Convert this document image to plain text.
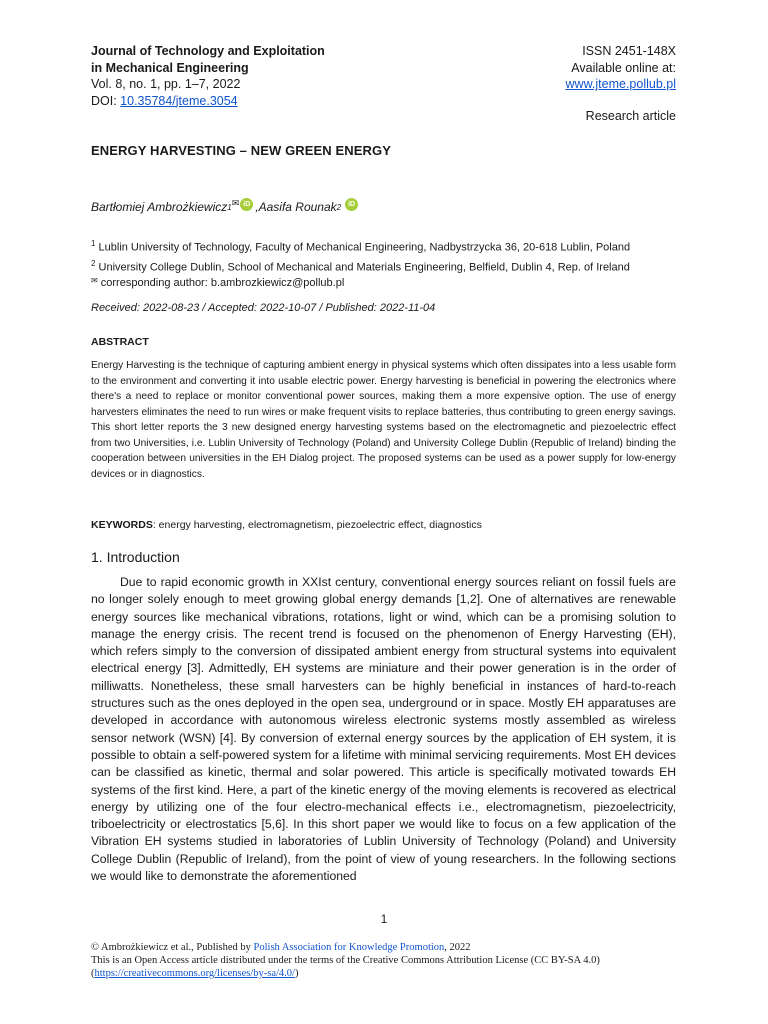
Journal of Technology and Exploitation
in Mechanical Engineering
Vol. 8, no. 1, pp. 1–7, 2022
DOI: 10.35784/jteme.3054
ISSN 2451-148X
Available online at:
www.jteme.pollub.pl
Research article
ENERGY HARVESTING – NEW GREEN ENERGY
Bartłomiej Ambrożkiewicz 1 ✉ iD , Aasifa Rounak 2	iD
$^1$ Lublin University of Technology, Faculty of Mechanical Engineering, Nadbystrzycka 36, 20-618 Lublin, Poland
$^2$ University College Dublin, School of Mechanical and Materials Engineering, Belfield, Dublin 4, Rep. of Ireland
✉ corresponding author: b.ambrozkiewicz@pollub.pl
Received: 2022-08-23 / Accepted: 2022-10-07 / Published: 2022-11-04
ABSTRACT
Energy Harvesting is the technique of capturing ambient energy in physical systems which often dissipates into a less usable form to the environment and converting it into usable electric power. Energy harvesting is beneficial in powering the electronics where there's a need to replace or monitor conventional power sources, making them a more expensive option. The use of energy harvesters eliminates the need to run wires or make frequent visits to replace batteries, thus contributing to green energy savings. This short letter reports the 3 new designed energy harvesting systems based on the electromagnetic and piezoelectric effect from two Universities, i.e. Lublin University of Technology (Poland) and University College Dublin (Republic of Ireland) binding the cooperation between universities in the EH Dialog project. The proposed systems can be used as a power supply for low-energy devices or in diagnostics.
KEYWORDS: energy harvesting, electromagnetism, piezoelectric effect, diagnostics
1. Introduction
Due to rapid economic growth in XXIst century, conventional energy sources reliant on fossil fuels are no longer solely enough to meet growing global energy demands [1,2]. One of alternatives are renewable energy sources like mechanical vibrations, rotations, light or wind, which can be a promising solution to manage the energy crisis. The recent trend is focused on the phenomenon of Energy Harvesting (EH), which refers simply to the conversion of dissipated ambient energy from structural systems into equivalent electrical energy [3]. Admittedly, EH systems are miniature and their power generation is in the order of milliwatts. Nonetheless, these small harvesters can be highly beneficial in instances of hard-to-reach structures such as the ones deployed in the open sea, underground or in space. Mostly EH apparatuses are developed in accordance with autonomous wireless electronic systems mostly assembled as wireless sensor network (WSN) [4]. By conversion of external energy sources by the application of EH system, it is possible to obtain a self-powered system for a lifetime with minimal servicing requirements. Most EH devices can be classified as kinetic, thermal and solar powered. This article is specifically motivated towards EH systems of the first kind. Here, a part of the kinetic energy of the moving elements is recovered as electrical energy by utilizing one of the four electro-mechanical effects i.e., electromagnetism, piezoelectricity, triboelectricity or electrostatics [5,6]. In this short paper we would like to focus on a few application of the Vibration EH systems studied in laboratories of Lublin University of Technology (Poland) and University College Dublin (Republic of Ireland), from the point of view of young researchers. In the following sections we would like to demonstrate the aforementioned
1
© Ambrożkiewicz et al., Published by Polish Association for Knowledge Promotion, 2022
This is an Open Access article distributed under the terms of the Creative Commons Attribution License (CC BY-SA 4.0)
(https://creativecommons.org/licenses/by-sa/4.0/)
